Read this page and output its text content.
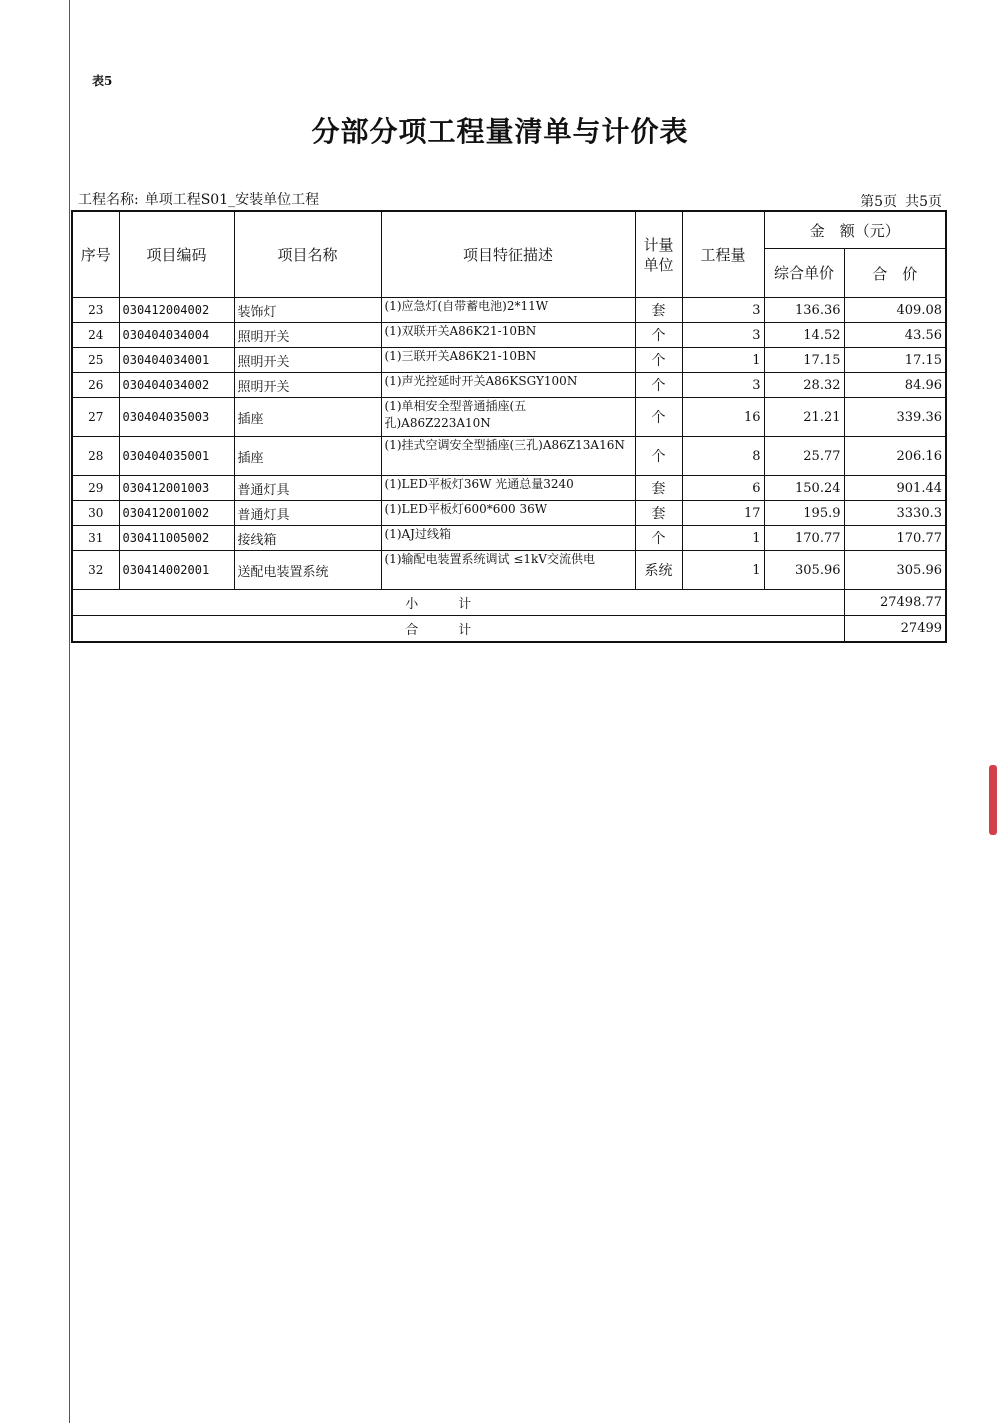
表5
分部分项工程量清单与计价表
工程名称: 单项工程S01_安装单位工程	第5页 共5页
序号	项目编码	项目名称	项目特征描述	计量单位	工程量	金　额（元）	
						综合单价	合　价
23	030412004002	装饰灯	(1)应急灯(自带蓄电池)2*11W	套	3	136.36	409.08
24	030404034004	照明开关	(1)双联开关A86K21-10BN	个	3	14.52	43.56
25	030404034001	照明开关	(1)三联开关A86K21-10BN	个	1	17.15	17.15
26	030404034002	照明开关	(1)声光控延时开关A86KSGY100N	个	3	28.32	84.96
27	030404035003	插座	(1)单相安全型普通插座(五孔)A86Z223A10N	个	16	21.21	339.36
28	030404035001	插座	(1)挂式空调安全型插座(三孔)A86Z13A16N	个	8	25.77	206.16
29	030412001003	普通灯具	(1)LED平板灯36W 光通总量3240	套	6	150.24	901.44
30	030412001002	普通灯具	(1)LED平板灯600*600 36W	套	17	195.9	3330.3
31	030411005002	接线箱	(1)AJ过线箱	个	1	170.77	170.77
32	030414002001	送配电装置系统	(1)输配电装置系统调试 ≤1kV交流供电	系统	1	305.96	305.96
小计							27498.77
合计							27499
